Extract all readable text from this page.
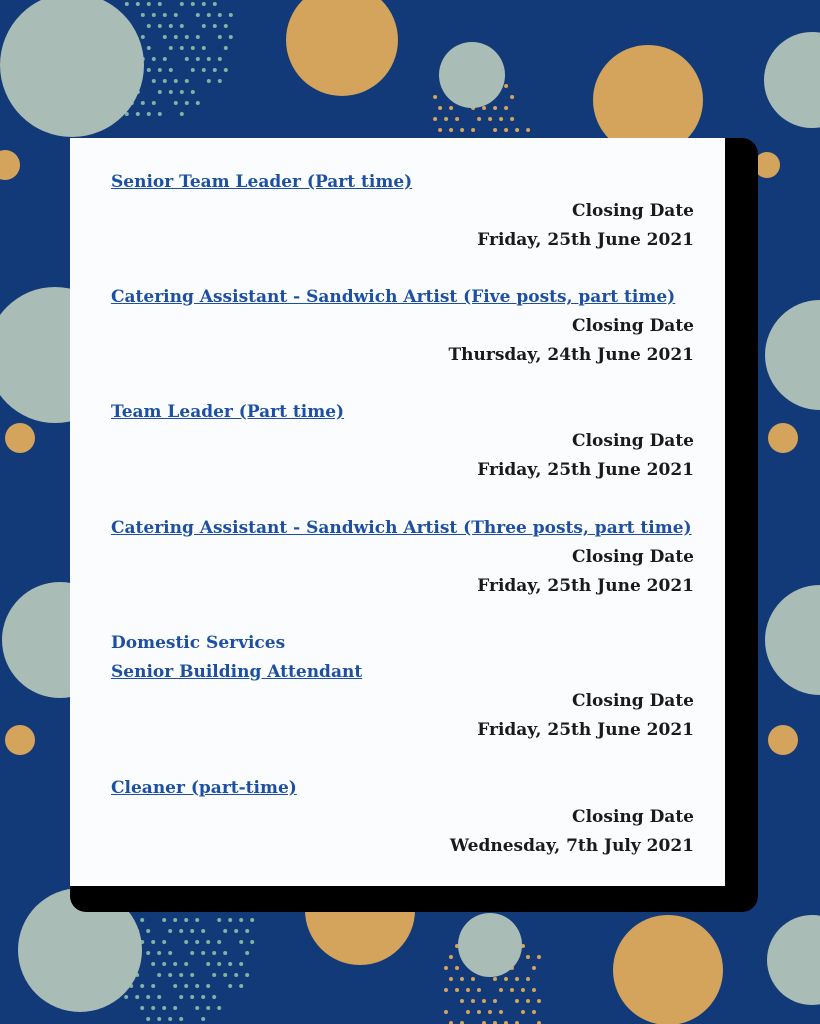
Senior Team Leader (Part time)
Closing Date
Friday, 25th June 2021
Catering Assistant - Sandwich Artist (Five posts, part time)
Closing Date
Thursday, 24th June 2021
Team Leader (Part time)
Closing Date
Friday, 25th June 2021
Catering Assistant - Sandwich Artist (Three posts, part time)
Closing Date
Friday, 25th June 2021
Domestic Services
Senior Building Attendant
Closing Date
Friday, 25th June 2021
Cleaner (part-time)
Closing Date
Wednesday, 7th July 2021
